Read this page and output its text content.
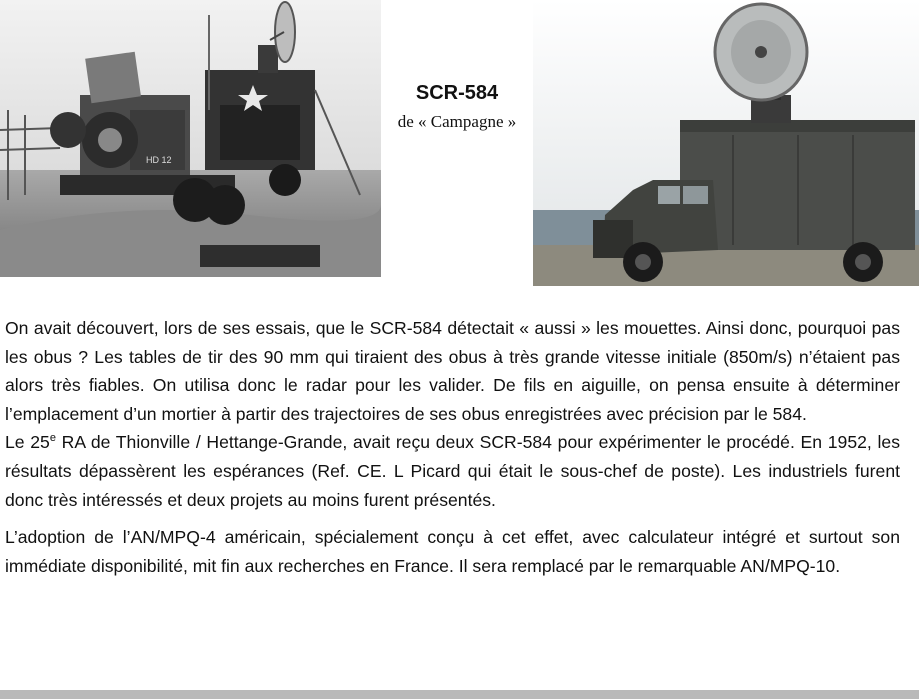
HD 12
SCR-584
de « Campagne »

On avait découvert, lors de ses essais, que le SCR-584 détectait « aussi » les mouettes. Ainsi donc, pourquoi pas les obus ? Les tables de tir des 90 mm qui tiraient des obus à très grande vitesse initiale (850m/s) n’étaient pas alors très fiables. On utilisa donc le radar pour les valider. De fils en aiguille, on pensa ensuite à déterminer l’emplacement d’un mortier à partir des trajectoires de ses obus enregistrées avec précision par le 584.

Le 25e RA de Thionville / Hettange-Grande, avait reçu deux SCR-584 pour expérimenter le procédé. En 1952, les résultats dépassèrent les espérances (Ref. CE. L Picard qui était le sous-chef de poste). Les industriels furent donc très intéressés et deux projets au moins furent présentés.

L’adoption de l’AN/MPQ-4 américain, spécialement conçu à cet effet, avec calculateur intégré et surtout son immédiate disponibilité, mit fin aux recherches en France. Il sera remplacé par le remarquable AN/MPQ-10.
